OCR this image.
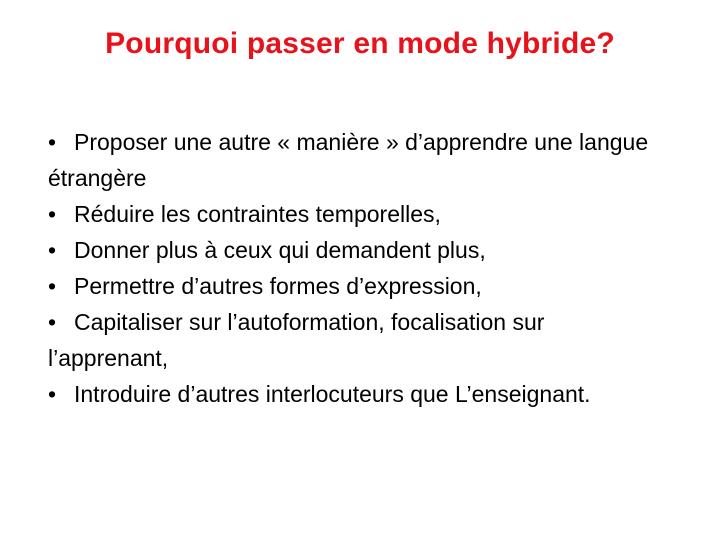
Pourquoi passer en mode hybride?
• Proposer une autre « manière » d’apprendre une langue étrangère
• Réduire les contraintes temporelles,
• Donner plus à ceux qui demandent plus,
• Permettre d’autres formes d’expression,
• Capitaliser sur l’autoformation, focalisation sur l’apprenant,
• Introduire d’autres interlocuteurs que L’enseignant.
